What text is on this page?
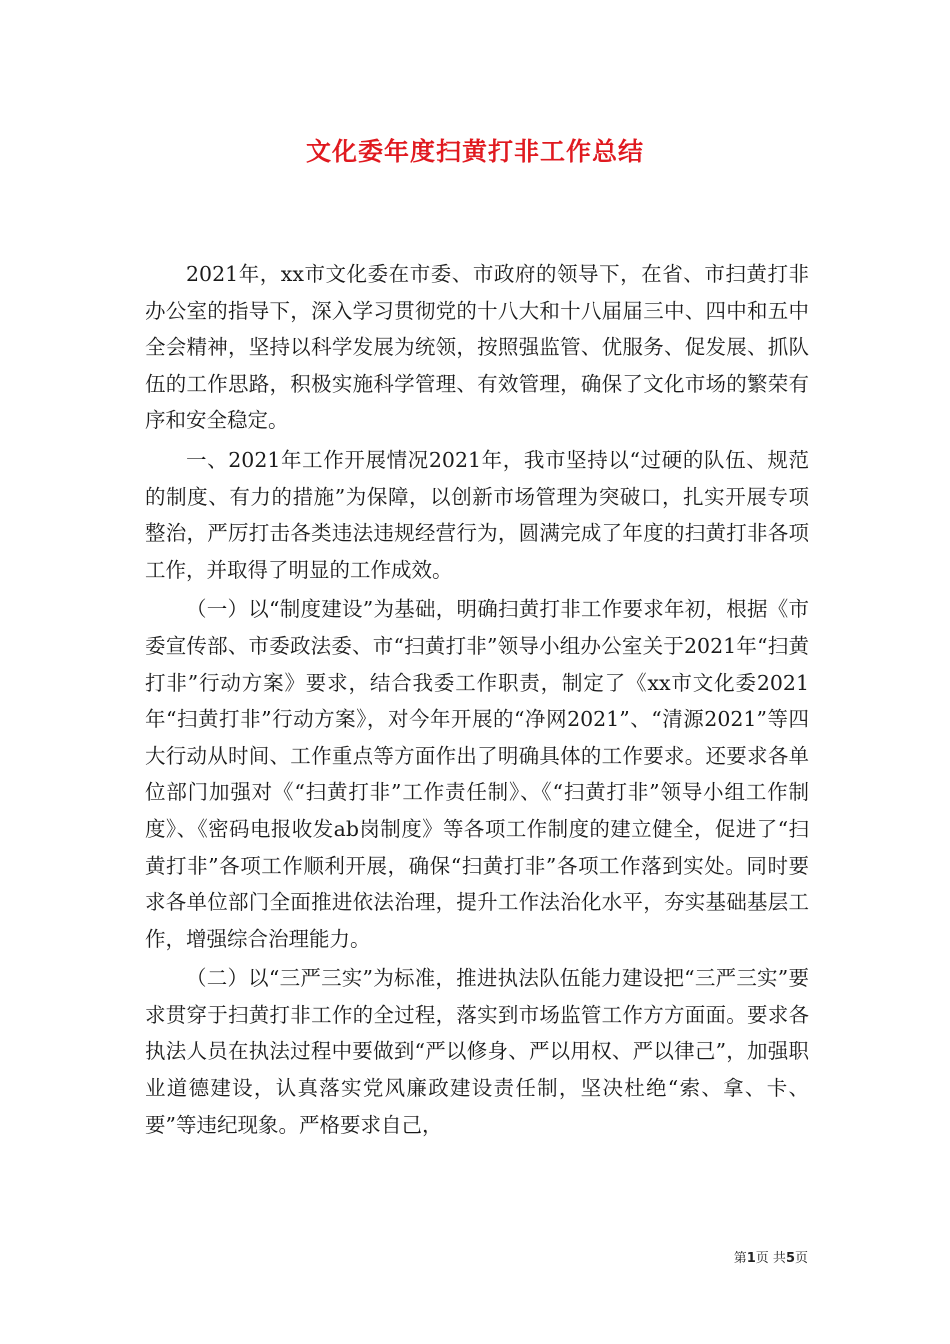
文化委年度扫黄打非工作总结

2021年，xx市文化委在市委、市政府的领导下，在省、市扫黄打非办公室的指导下，深入学习贯彻党的十八大和十八届届三中、四中和五中全会精神，坚持以科学发展为统领，按照强监管、优服务、促发展、抓队伍的工作思路，积极实施科学管理、有效管理，确保了文化市场的繁荣有序和安全稳定。

一、2021年工作开展情况2021年，我市坚持以“过硬的队伍、规范的制度、有力的措施”为保障，以创新市场管理为突破口，扎实开展专项整治，严厉打击各类违法违规经营行为，圆满完成了年度的扫黄打非各项工作，并取得了明显的工作成效。

（一）以“制度建设”为基础，明确扫黄打非工作要求年初，根据《市委宣传部、市委政法委、市“扫黄打非”领导小组办公室关于2021年“扫黄打非”行动方案》要求，结合我委工作职责，制定了《xx市文化委2021年“扫黄打非”行动方案》，对今年开展的“净网2021”、“清源2021”等四大行动从时间、工作重点等方面作出了明确具体的工作要求。还要求各单位部门加强对《“扫黄打非”工作责任制》、《“扫黄打非”领导小组工作制度》、《密码电报收发ab岗制度》等各项工作制度的建立健全，促进了“扫黄打非”各项工作顺利开展，确保“扫黄打非”各项工作落到实处。同时要求各单位部门全面推进依法治理，提升工作法治化水平，夯实基础基层工作，增强综合治理能力。

（二）以“三严三实”为标准，推进执法队伍能力建设把“三严三实”要求贯穿于扫黄打非工作的全过程，落实到市场监管工作方方面面。要求各执法人员在执法过程中要做到“严以修身、严以用权、严以律己”，加强职业道德建设，认真落实党风廉政建设责任制，坚决杜绝“索、拿、卡、要”等违纪现象。严格要求自己，

第1页 共5页
